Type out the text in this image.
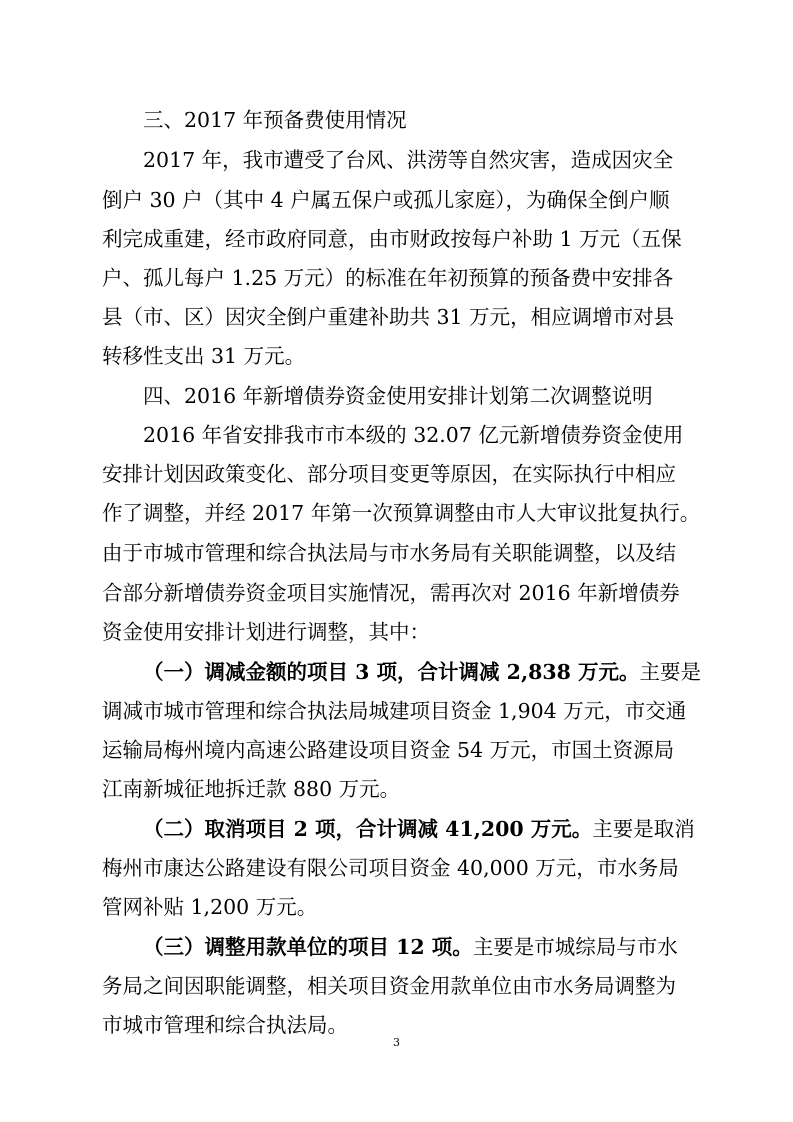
三、2017 年预备费使用情况
2017 年，我市遭受了台风、洪涝等自然灾害，造成因灾全
倒户 30 户（其中 4 户属五保户或孤儿家庭），为确保全倒户顺
利完成重建，经市政府同意，由市财政按每户补助 1 万元（五保
户、孤儿每户 1.25 万元）的标准在年初预算的预备费中安排各
县（市、区）因灾全倒户重建补助共 31 万元，相应调增市对县
转移性支出 31 万元。
四、2016 年新增债券资金使用安排计划第二次调整说明
2016 年省安排我市市本级的 32.07 亿元新增债券资金使用
安排计划因政策变化、部分项目变更等原因，在实际执行中相应
作了调整，并经 2017 年第一次预算调整由市人大审议批复执行。
由于市城市管理和综合执法局与市水务局有关职能调整，以及结
合部分新增债券资金项目实施情况，需再次对 2016 年新增债券
资金使用安排计划进行调整，其中：
（一）调减金额的项目 3 项，合计调减 2,838 万元。主要是
调减市城市管理和综合执法局城建项目资金 1,904 万元，市交通
运输局梅州境内高速公路建设项目资金 54 万元，市国土资源局
江南新城征地拆迁款 880 万元。
（二）取消项目 2 项，合计调减 41,200 万元。主要是取消
梅州市康达公路建设有限公司项目资金 40,000 万元，市水务局
管网补贴 1,200 万元。
（三）调整用款单位的项目 12 项。主要是市城综局与市水
务局之间因职能调整，相关项目资金用款单位由市水务局调整为
市城市管理和综合执法局。
3
